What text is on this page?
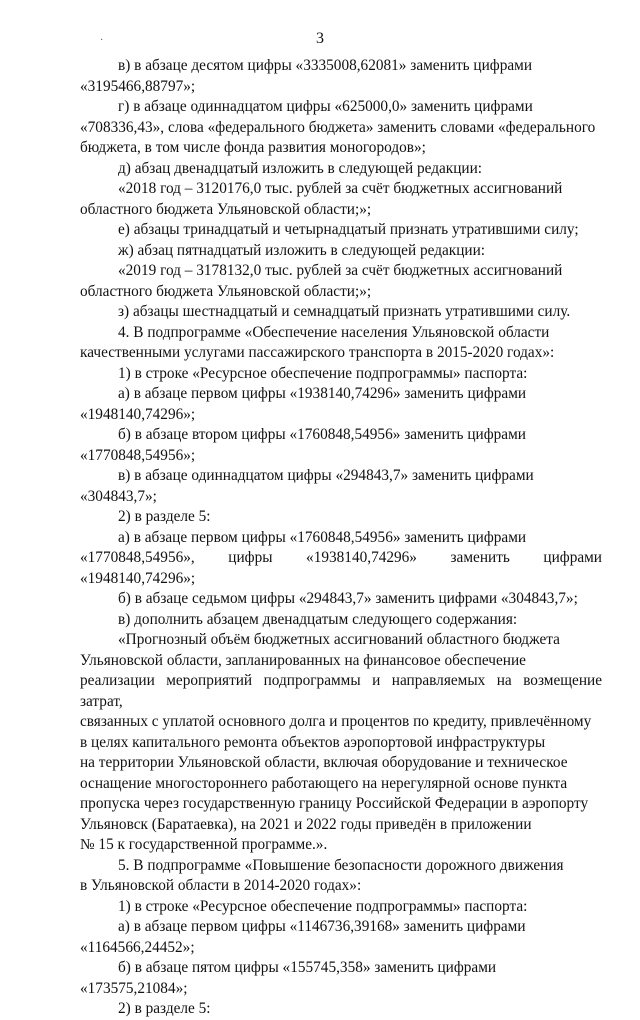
·	3

в) в абзаце десятом цифры «3335008,62081» заменить цифрами

«3195466,88797»;

г) в абзаце одиннадцатом цифры «625000,0» заменить цифрами

«708336,43», слова «федерального бюджета» заменить словами «федерального

бюджета, в том числе фонда развития моногородов»;

д) абзац двенадцатый изложить в следующей редакции:

«2018 год – 3120176,0 тыс. рублей за счёт бюджетных ассигнований

областного бюджета Ульяновской области;»;

е) абзацы тринадцатый и четырнадцатый признать утратившими силу;

ж) абзац пятнадцатый изложить в следующей редакции:

«2019 год – 3178132,0 тыс. рублей за счёт бюджетных ассигнований

областного бюджета Ульяновской области;»;

з) абзацы шестнадцатый и семнадцатый признать утратившими силу.

4. В подпрограмме «Обеспечение населения Ульяновской области

качественными услугами пассажирского транспорта в 2015-2020 годах»:

1) в строке «Ресурсное обеспечение подпрограммы» паспорта:

а) в абзаце первом цифры «1938140,74296» заменить цифрами

«1948140,74296»;

б) в абзаце втором цифры «1760848,54956» заменить цифрами

«1770848,54956»;

в) в абзаце одиннадцатом цифры «294843,7» заменить цифрами

«304843,7»;

2) в разделе 5:

а) в абзаце первом цифры «1760848,54956» заменить цифрами

«1770848,54956», цифры «1938140,74296» заменить цифрами «1948140,74296»;

б) в абзаце седьмом цифры «294843,7» заменить цифрами «304843,7»;

в) дополнить абзацем двенадцатым следующего содержания:

«Прогнозный объём бюджетных ассигнований областного бюджета

Ульяновской области, запланированных на финансовое обеспечение

реализации мероприятий подпрограммы и направляемых на возмещение затрат,

связанных с уплатой основного долга и процентов по кредиту, привлечённому

в целях капитального ремонта объектов аэропортовой инфраструктуры

на территории Ульяновской области, включая оборудование и техническое

оснащение многостороннего работающего на нерегулярной основе пункта

пропуска через государственную границу Российской Федерации в аэропорту

Ульяновск (Баратаевка), на 2021 и 2022 годы приведён в приложении

№ 15 к государственной программе.».

5. В подпрограмме «Повышение безопасности дорожного движения

в Ульяновской области в 2014-2020 годах»:

1) в строке «Ресурсное обеспечение подпрограммы» паспорта:

а) в абзаце первом цифры «1146736,39168» заменить цифрами

«1164566,24452»;

б) в абзаце пятом цифры «155745,358» заменить цифрами

«173575,21084»;

2) в разделе 5:
